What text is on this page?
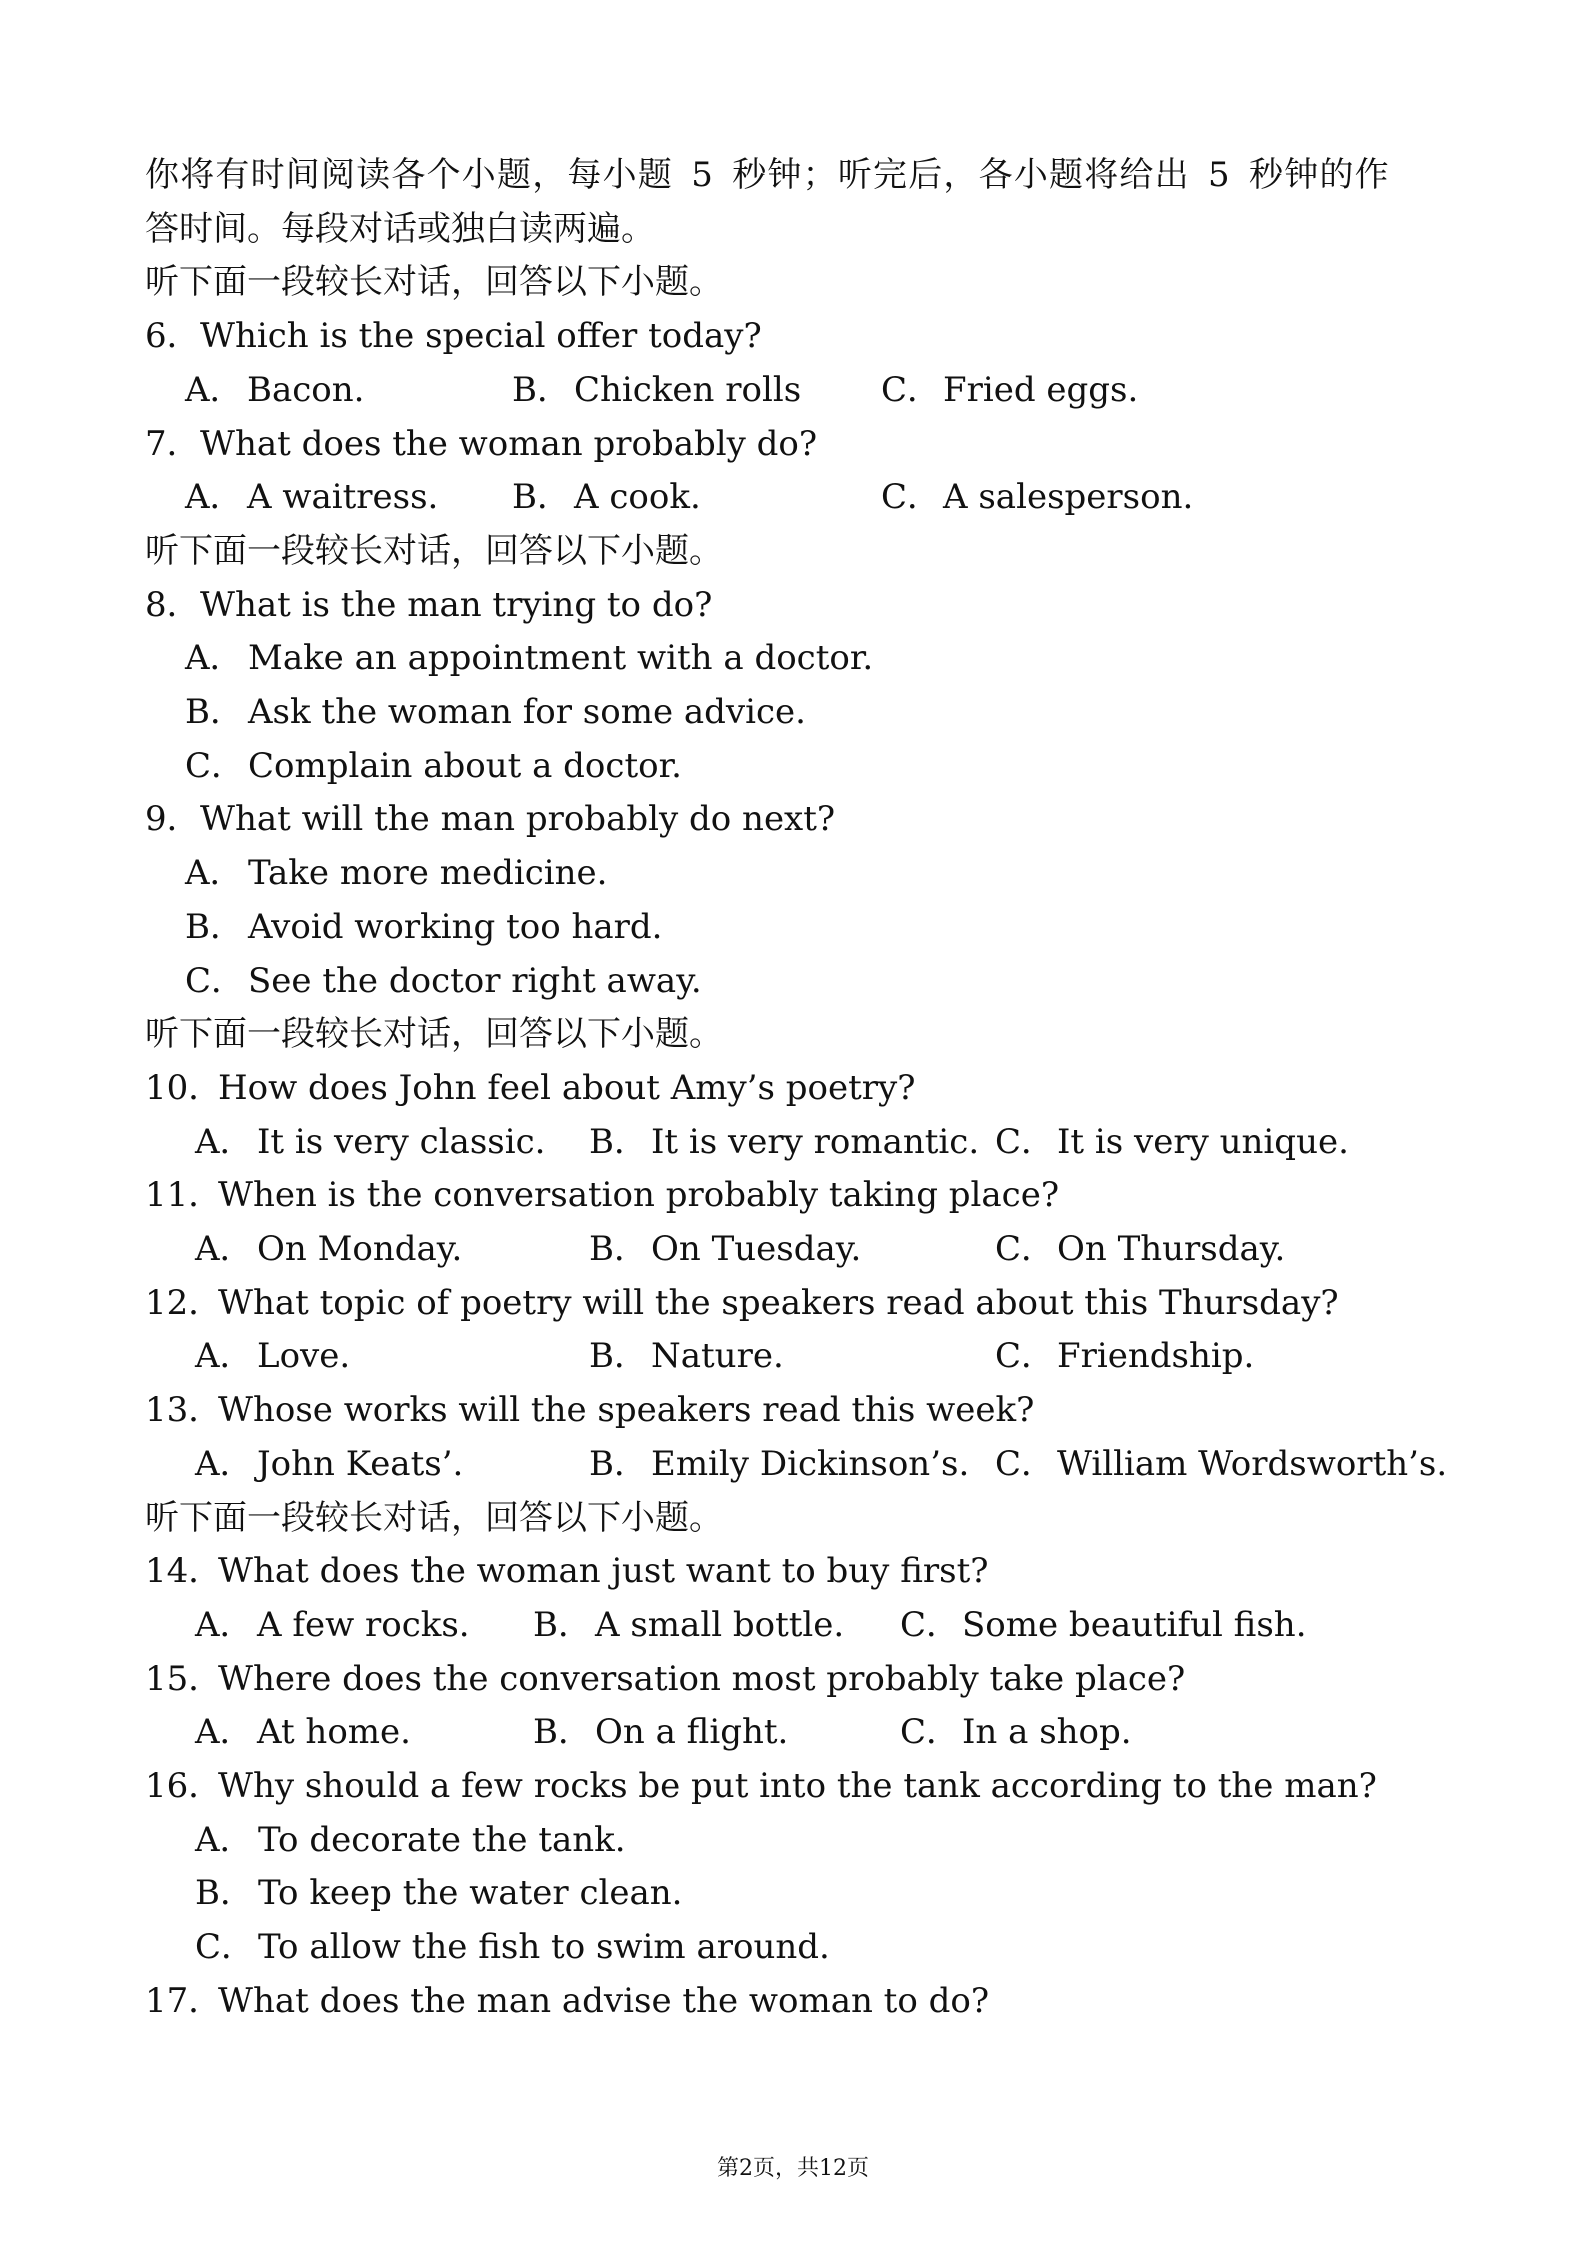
你将有时间阅读各个小题，每小题 5 秒钟；听完后，各小题将给出 5 秒钟的作
答时间。每段对话或独白读两遍。
听下面一段较长对话，回答以下小题。
6． Which is the special offer today?
A． Bacon.	B． Chicken rolls C． Fried eggs.
7． What does the woman probably do?
A． A waitress. B． A cook.	C． A salesperson.
听下面一段较长对话，回答以下小题。
8． What is the man trying to do?
A． Make an appointment with a doctor.
B． Ask the woman for some advice.
C． Complain about a doctor.
9． What will the man probably do next?
A． Take more medicine.
B． Avoid working too hard.
C． See the doctor right away.
听下面一段较长对话，回答以下小题。
10．
How does John feel about Amy’s poetry?
A． It is very classic. B． It is very romantic. C． It is very unique.
11．
When is the conversation probably taking place?
A． On Monday.	B． On Tuesday.	C． On Thursday.
12．
What topic of poetry will the speakers read about this Thursday?
A． Love.	B． Nature.	C． Friendship.
13．
Whose works will the speakers read this week?
A． John Keats’.	B． Emily Dickinson’s. C． William Wordsworth’s.
听下面一段较长对话，回答以下小题。
14．
What does the woman just want to buy first?
A． A few rocks. B． A small bottle. C． Some beautiful fish.
15．
Where does the conversation most probably take place?
A． At home.	B． On a flight.	C． In a shop.
16．
Why should a few rocks be put into the tank according to the man?
A． To decorate the tank.
B． To keep the water clean.
C． To allow the fish to swim around.
17．
What does the man advise the woman to do?
第2页，共12页
